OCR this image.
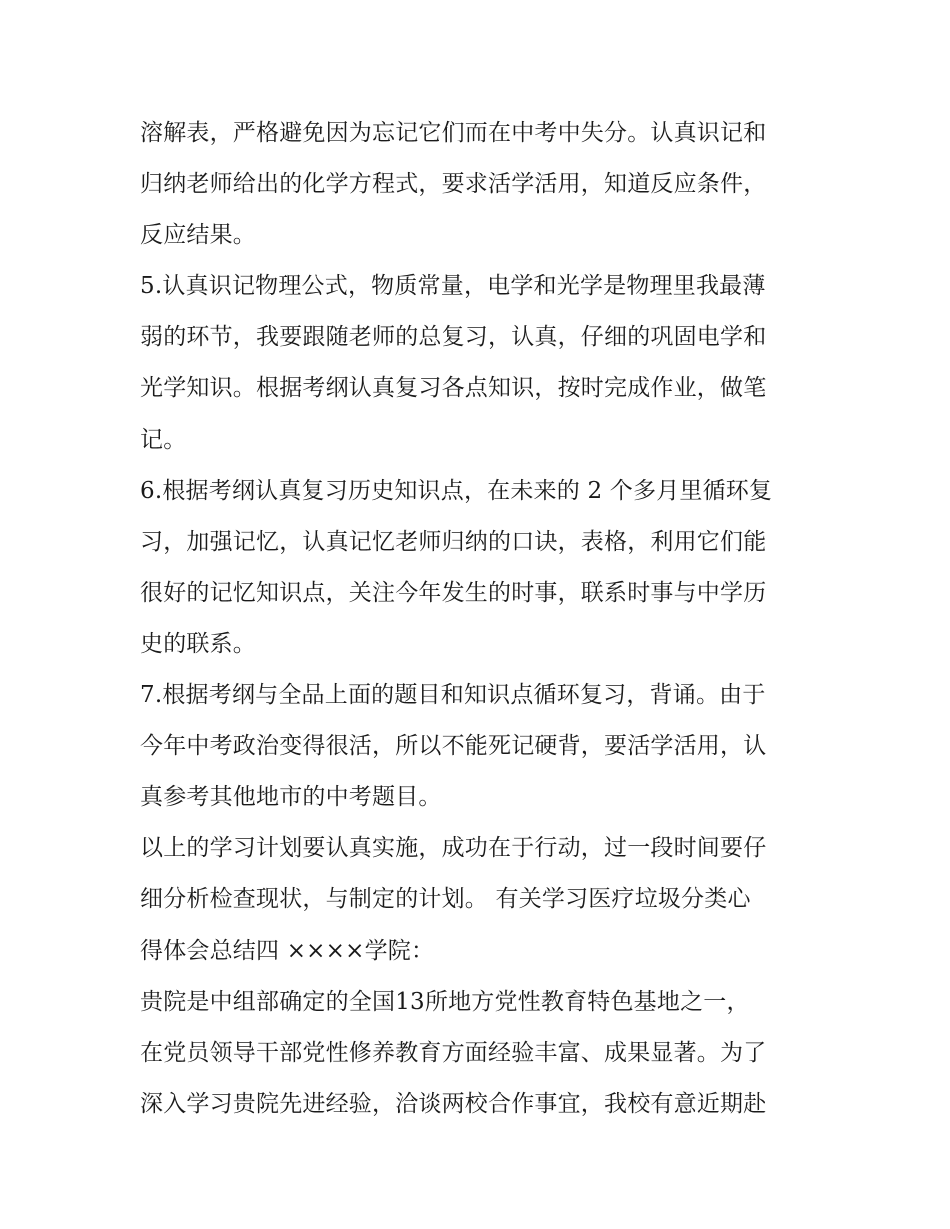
溶解表，严格避免因为忘记它们而在中考中失分。认真识记和
归纳老师给出的化学方程式，要求活学活用，知道反应条件，
反应结果。
5.认真识记物理公式，物质常量，电学和光学是物理里我最薄
弱的环节，我要跟随老师的总复习，认真，仔细的巩固电学和
光学知识。根据考纲认真复习各点知识，按时完成作业，做笔
记。
6.根据考纲认真复习历史知识点，在未来的 2 个多月里循环复
习，加强记忆，认真记忆老师归纳的口诀，表格，利用它们能
很好的记忆知识点，关注今年发生的时事，联系时事与中学历
史的联系。
7.根据考纲与全品上面的题目和知识点循环复习，背诵。由于
今年中考政治变得很活，所以不能死记硬背，要活学活用，认
真参考其他地市的中考题目。
以上的学习计划要认真实施，成功在于行动，过一段时间要仔
细分析检查现状，与制定的计划。 有关学习医疗垃圾分类心
得体会总结四 ××××学院：
贵院是中组部确定的全国13所地方党性教育特色基地之一，
在党员领导干部党性修养教育方面经验丰富、成果显著。为了
深入学习贵院先进经验，洽谈两校合作事宜，我校有意近期赴
